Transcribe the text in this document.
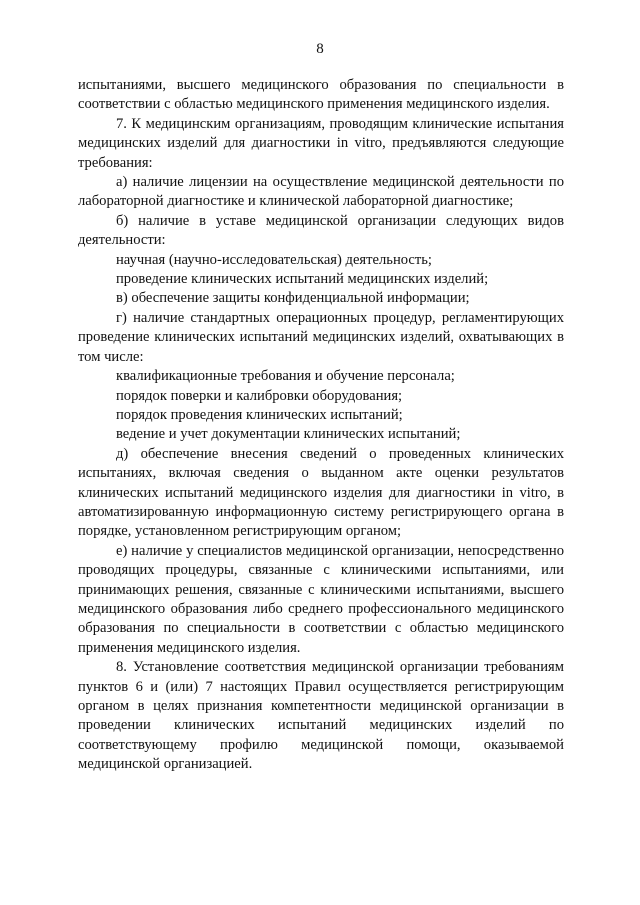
8

испытаниями, высшего медицинского образования по специальности в соответствии с областью медицинского применения медицинского изделия.

7. К медицинским организациям, проводящим клинические испытания медицинских изделий для диагностики in vitro, предъявляются следующие требования:

а) наличие лицензии на осуществление медицинской деятельности по лабораторной диагностике и клинической лабораторной диагностике;

б) наличие в уставе медицинской организации следующих видов деятельности:

научная (научно-исследовательская) деятельность;

проведение клинических испытаний медицинских изделий;

в) обеспечение защиты конфиденциальной информации;

г) наличие стандартных операционных процедур, регламентирующих проведение клинических испытаний медицинских изделий, охватывающих в том числе:

квалификационные требования и обучение персонала;

порядок поверки и калибровки оборудования;

порядок проведения клинических испытаний;

ведение и учет документации клинических испытаний;

д) обеспечение внесения сведений о проведенных клинических испытаниях, включая сведения о выданном акте оценки результатов клинических испытаний медицинского изделия для диагностики in vitro, в автоматизированную информационную систему регистрирующего органа в порядке, установленном регистрирующим органом;

е) наличие у специалистов медицинской организации, непосредственно проводящих процедуры, связанные с клиническими испытаниями, или принимающих решения, связанные с клиническими испытаниями, высшего медицинского образования либо среднего профессионального медицинского образования по специальности в соответствии с областью медицинского применения медицинского изделия.

8. Установление соответствия медицинской организации требованиям пунктов 6 и (или) 7 настоящих Правил осуществляется регистрирующим органом в целях признания компетентности медицинской организации в проведении клинических испытаний медицинских изделий по соответствующему профилю медицинской помощи, оказываемой медицинской организацией.
